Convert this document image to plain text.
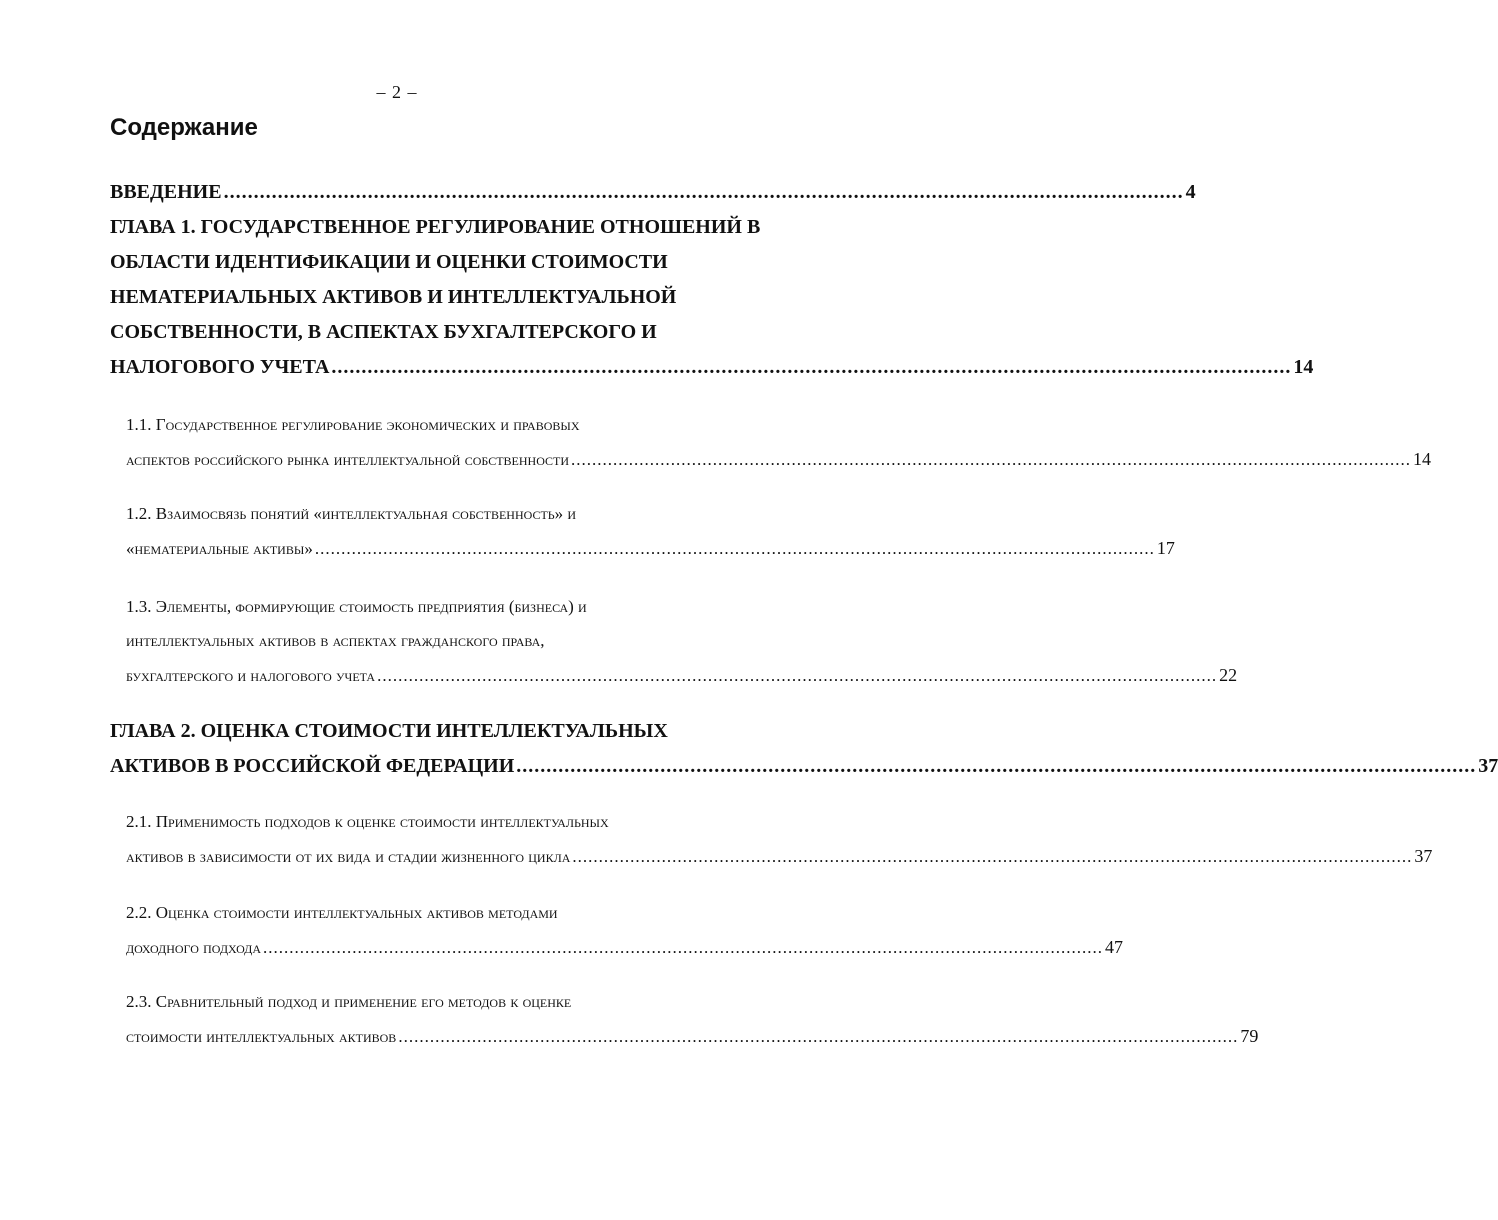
– 2 –
Содержание
ВВЕДЕНИЕ ................................................................................................................................................................ 4
ГЛАВА 1. ГОСУДАРСТВЕННОЕ РЕГУЛИРОВАНИЕ ОТНОШЕНИЙ В
ОБЛАСТИ ИДЕНТИФИКАЦИИ И ОЦЕНКИ СТОИМОСТИ
НЕМАТЕРИАЛЬНЫХ АКТИВОВ И ИНТЕЛЛЕКТУАЛЬНОЙ
СОБСТВЕННОСТИ, В АСПЕКТАХ БУХГАЛТЕРСКОГО И
НАЛОГОВОГО УЧЕТА ................................................................................................................................................................ 14
1.1. Государственное регулирование экономических и правовых
аспектов российского рынка интеллектуальной собственности ................................................................................................................................................................ 14
1.2. Взаимосвязь понятий «интеллектуальная собственность» и
«нематериальные активы» ................................................................................................................................................................ 17
1.3. Элементы, формирующие стоимость предприятия (бизнеса) и
интеллектуальных активов в аспектах гражданского права,
бухгалтерского и налогового учета ................................................................................................................................................................ 22
ГЛАВА 2. ОЦЕНКА СТОИМОСТИ ИНТЕЛЛЕКТУАЛЬНЫХ
АКТИВОВ В РОССИЙСКОЙ ФЕДЕРАЦИИ ................................................................................................................................................................ 37
2.1. Применимость подходов к оценке стоимости интеллектуальных
активов в зависимости от их вида и стадии жизненного цикла ................................................................................................................................................................ 37
2.2. Оценка стоимости интеллектуальных активов методами
доходного подхода ................................................................................................................................................................ 47
2.3. Сравнительный подход и применение его методов к оценке
стоимости интеллектуальных активов ................................................................................................................................................................ 79
